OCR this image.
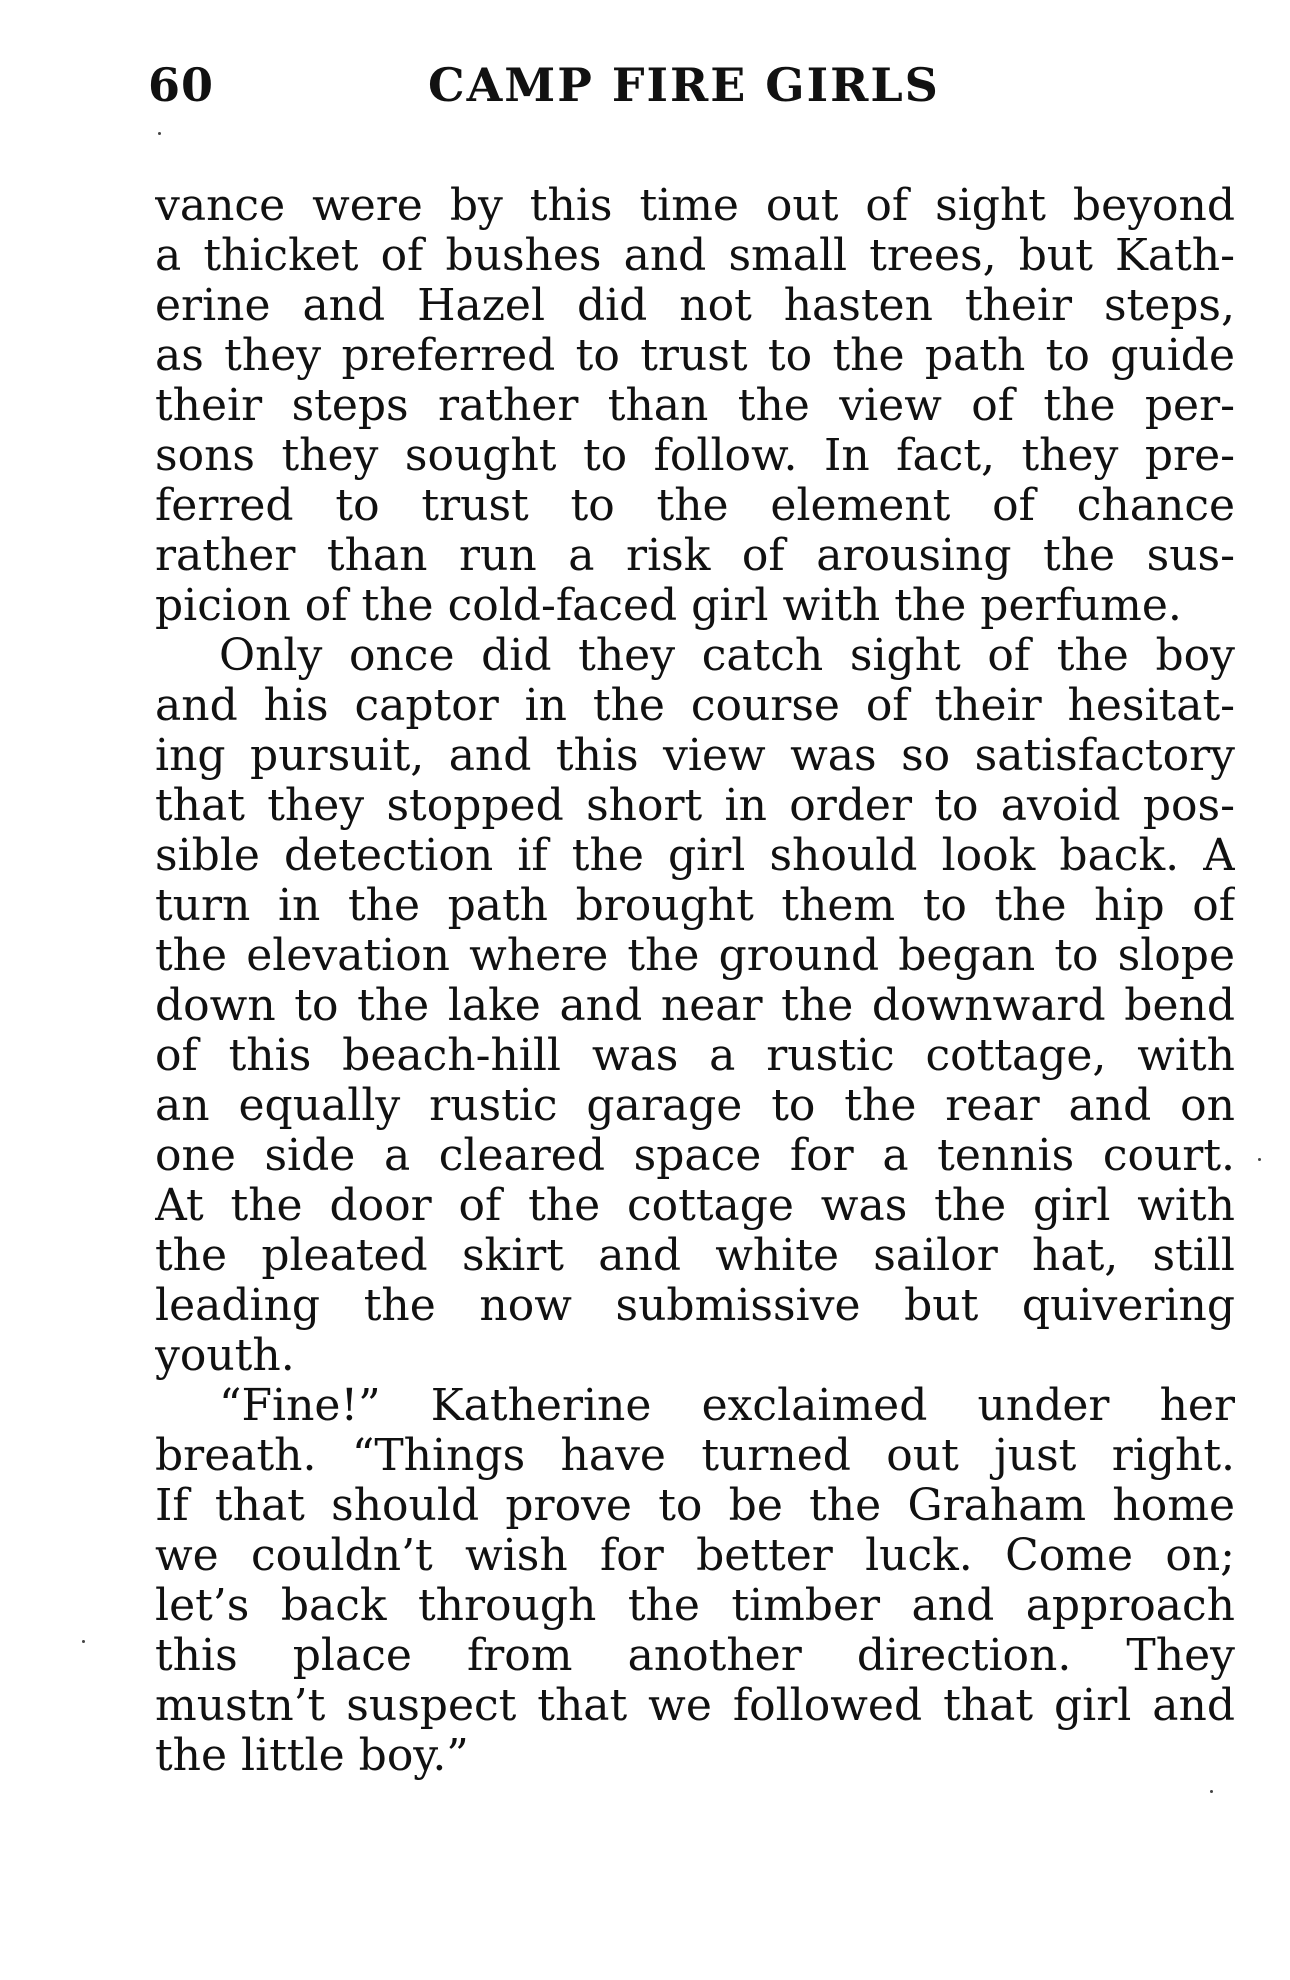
60	CAMP FIRE GIRLS
vance were by this time out of sight beyond
a thicket of bushes and small trees, but Kath-
erine and Hazel did not hasten their steps,
as they preferred to trust to the path to guide
their steps rather than the view of the per-
sons they sought to follow. In fact, they pre-
ferred to trust to the element of chance
rather than run a risk of arousing the sus-
picion of the cold-faced girl with the perfume.
Only once did they catch sight of the boy
and his captor in the course of their hesitat-
ing pursuit, and this view was so satisfactory
that they stopped short in order to avoid pos-
sible detection if the girl should look back. A
turn in the path brought them to the hip of
the elevation where the ground began to slope
down to the lake and near the downward bend
of this beach-hill was a rustic cottage, with
an equally rustic garage to the rear and on
one side a cleared space for a tennis court.
At the door of the cottage was the girl with
the pleated skirt and white sailor hat, still
leading the now submissive but quivering
youth.
“Fine!” Katherine exclaimed under her
breath. “Things have turned out just right.
If that should prove to be the Graham home
we couldn’t wish for better luck. Come on;
let’s back through the timber and approach
this place from another direction. They
mustn’t suspect that we followed that girl and
the little boy.”
